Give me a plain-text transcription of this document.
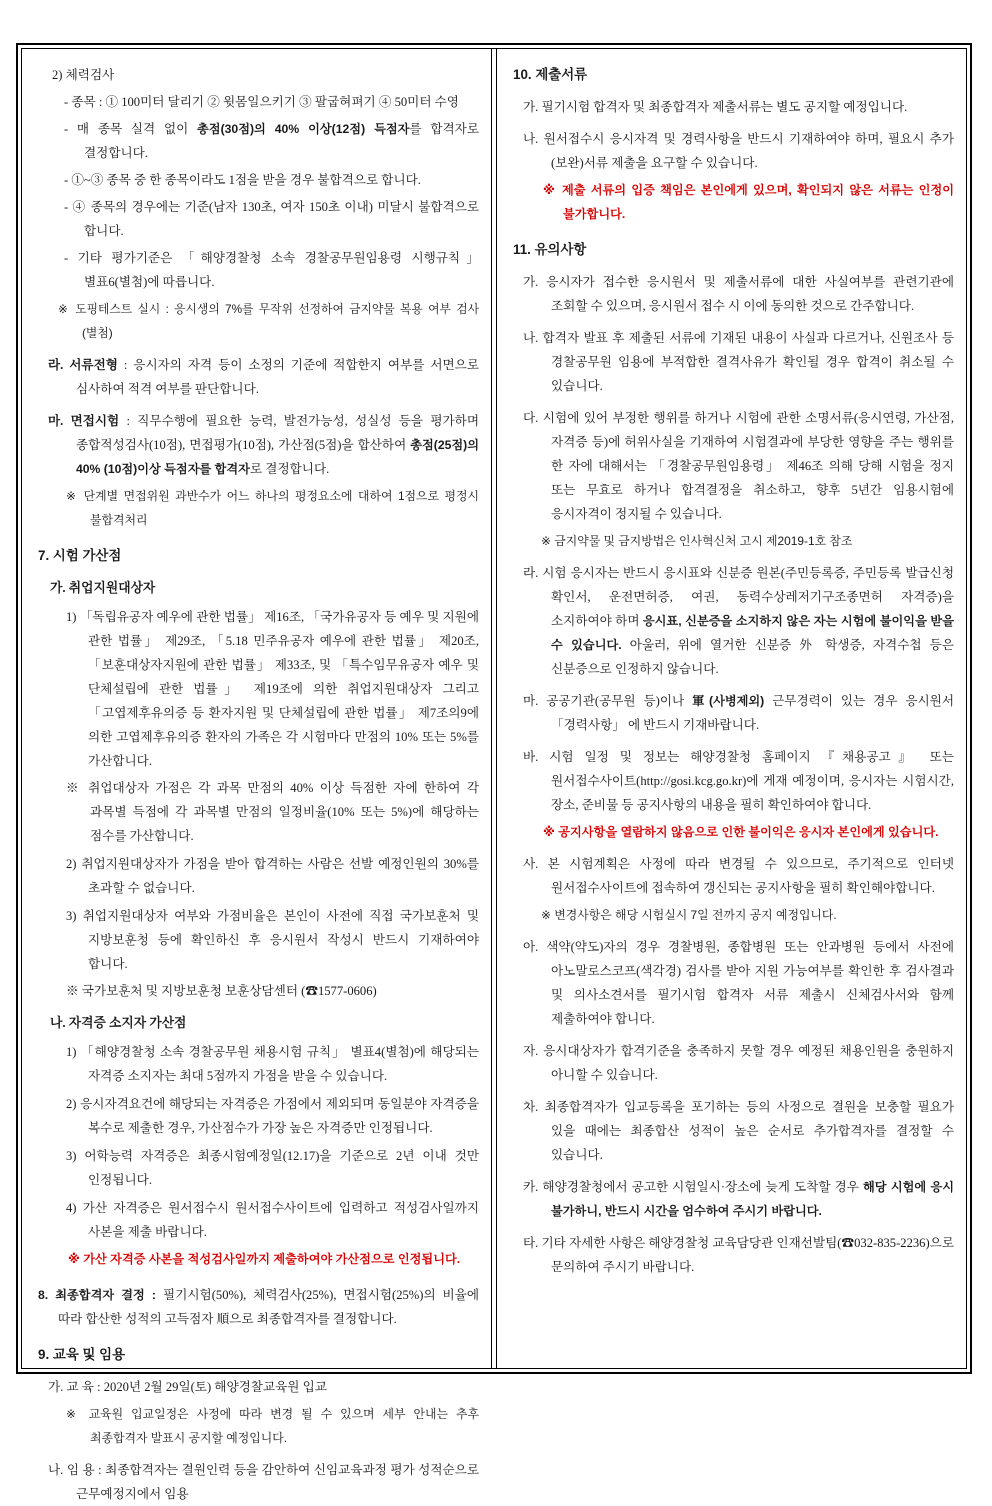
2) 체력검사
- 종목 : ① 100미터 달리기 ② 윗몸일으키기 ③ 팔굽혀펴기 ④ 50미터 수영
- 매 종목 실격 없이 총점(30점)의 40% 이상(12점) 득점자를 합격자로 결정합니다.
- ①~③ 종목 중 한 종목이라도 1점을 받을 경우 불합격으로 합니다.
- ④ 종목의 경우에는 기준(남자 130초, 여자 150초 이내) 미달시 불합격으로 합니다.
- 기타 평가기준은 「해양경찰청 소속 경찰공무원임용령 시행규칙」 별표6(별첨)에 따릅니다.
※ 도핑테스트 실시 : 응시생의 7%를 무작위 선정하여 금지약물 복용 여부 검사(별첨)
라. 서류전형 : 응시자의 자격 등이 소정의 기준에 적합한지 여부를 서면으로 심사하여 적격 여부를 판단합니다.
마. 면접시험 : 직무수행에 필요한 능력, 발전가능성, 성실성 등을 평가하며 종합적성검사(10점), 면접평가(10점), 가산점(5점)을 합산하여 총점(25점)의 40% (10점)이상 득점자를 합격자로 결정합니다.
※ 단계별 면접위원 과반수가 어느 하나의 평정요소에 대하여 1점으로 평정시 불합격처리
7. 시험 가산점
가. 취업지원대상자
1) 「독립유공자 예우에 관한 법률」 제16조, 「국가유공자 등 예우 및 지원에 관한 법률」 제29조, 「5.18 민주유공자 예우에 관한 법률」 제20조, 「보훈대상자지원에 관한 법률」 제33조, 및 「특수임무유공자 예우 및 단체설립에 관한 법률」 제19조에 의한 취업지원대상자 그리고 「고엽제후유의증 등 환자지원 및 단체설립에 관한 법률」 제7조의9에 의한 고엽제후유의증 환자의 가족은 각 시험마다 만점의 10% 또는 5%를 가산합니다.
※ 취업대상자 가점은 각 과목 만점의 40% 이상 득점한 자에 한하여 각 과목별 득점에 각 과목별 만점의 일정비율(10% 또는 5%)에 해당하는 점수를 가산합니다.
2) 취업지원대상자가 가점을 받아 합격하는 사람은 선발 예정인원의 30%를 초과할 수 없습니다.
3) 취업지원대상자 여부와 가점비율은 본인이 사전에 직접 국가보훈처 및 지방보훈청 등에 확인하신 후 응시원서 작성시 반드시 기재하여야 합니다.
※ 국가보훈처 및 지방보훈청 보훈상담센터 (☎1577-0606)
나. 자격증 소지자 가산점
1) 「해양경찰청 소속 경찰공무원 채용시험 규칙」 별표4(별첨)에 해당되는 자격증 소지자는 최대 5점까지 가점을 받을 수 있습니다.
2) 응시자격요건에 해당되는 자격증은 가점에서 제외되며 동일분야 자격증을 복수로 제출한 경우, 가산점수가 가장 높은 자격증만 인정됩니다.
3) 어학능력 자격증은 최종시험예정일(12.17)을 기준으로 2년 이내 것만 인정됩니다.
4) 가산 자격증은 원서접수시 원서접수사이트에 입력하고 적성검사일까지 사본을 제출 바랍니다.
※ 가산 자격증 사본을 적성검사일까지 제출하여야 가산점으로 인정됩니다.
8. 최종합격자 결정 : 필기시험(50%), 체력검사(25%), 면접시험(25%)의 비율에 따라 합산한 성적의 고득점자 順으로 최종합격자를 결정합니다.
9. 교육 및 임용
가. 교 육 : 2020년 2월 29일(토) 해양경찰교육원 입교
※ 교육원 입교일정은 사정에 따라 변경 될 수 있으며 세부 안내는 추후 최종합격자 발표시 공지할 예정입니다.
나. 임 용 : 최종합격자는 결원인력 등을 감안하여 신임교육과정 평가 성적순으로 근무예정지에서 임용
10. 제출서류
가. 필기시험 합격자 및 최종합격자 제출서류는 별도 공지할 예정입니다.
나. 원서접수시 응시자격 및 경력사항을 반드시 기재하여야 하며, 필요시 추가(보완)서류 제출을 요구할 수 있습니다.
※ 제출 서류의 입증 책임은 본인에게 있으며, 확인되지 않은 서류는 인정이 불가합니다.
11. 유의사항
가. 응시자가 접수한 응시원서 및 제출서류에 대한 사실여부를 관련기관에 조회할 수 있으며, 응시원서 접수 시 이에 동의한 것으로 간주합니다.
나. 합격자 발표 후 제출된 서류에 기재된 내용이 사실과 다르거나, 신원조사 등 경찰공무원 임용에 부적합한 결격사유가 확인될 경우 합격이 취소될 수 있습니다.
다. 시험에 있어 부정한 행위를 하거나 시험에 관한 소명서류(응시연령, 가산점, 자격증 등)에 허위사실을 기재하여 시험결과에 부당한 영향을 주는 행위를 한 자에 대해서는 「경찰공무원임용령」 제46조 의해 당해 시험을 정지 또는 무효로 하거나 합격결정을 취소하고, 향후 5년간 임용시험에 응시자격이 정지될 수 있습니다.
※ 금지약물 및 금지방법은 인사혁신처 고시 제2019-1호 참조
라. 시험 응시자는 반드시 응시표와 신분증 원본(주민등록증, 주민등록 발급신청 확인서, 운전면허증, 여권, 동력수상레저기구조종면허 자격증)을 소지하여야 하며 응시표, 신분증을 소지하지 않은 자는 시험에 불이익을 받을 수 있습니다. 아울러, 위에 열거한 신분증 外 학생증, 자격수첩 등은 신분증으로 인정하지 않습니다.
마. 공공기관(공무원 등)이나 軍(사병제외) 근무경력이 있는 경우 응시원서 「경력사항」 에 반드시 기재바랍니다.
바. 시험 일정 및 정보는 해양경찰청 홈페이지 『채용공고』 또는 원서접수사이트(http://gosi.kcg.go.kr)에 게재 예정이며, 응시자는 시험시간, 장소, 준비물 등 공지사항의 내용을 필히 확인하여야 합니다.
※ 공지사항을 열람하지 않음으로 인한 불이익은 응시자 본인에게 있습니다.
사. 본 시험계획은 사정에 따라 변경될 수 있으므로, 주기적으로 인터넷 원서접수사이트에 접속하여 갱신되는 공지사항을 필히 확인해야합니다.
※ 변경사항은 해당 시험실시 7일 전까지 공지 예정입니다.
아. 색약(약도)자의 경우 경찰병원, 종합병원 또는 안과병원 등에서 사전에 아노말로스코프(색각경) 검사를 받아 지원 가능여부를 확인한 후 검사결과 및 의사소견서를 필기시험 합격자 서류 제출시 신체검사서와 함께 제출하여야 합니다.
자. 응시대상자가 합격기준을 충족하지 못할 경우 예정된 채용인원을 충원하지 아니할 수 있습니다.
차. 최종합격자가 입교등록을 포기하는 등의 사정으로 결원을 보충할 필요가 있을 때에는 최종합산 성적이 높은 순서로 추가합격자를 결정할 수 있습니다.
카. 해양경찰청에서 공고한 시험일시·장소에 늦게 도착할 경우 해당 시험에 응시 불가하니, 반드시 시간을 엄수하여 주시기 바랍니다.
타. 기타 자세한 사항은 해양경찰청 교육담당관 인재선발팀(☎032-835-2236)으로 문의하여 주시기 바랍니다.
